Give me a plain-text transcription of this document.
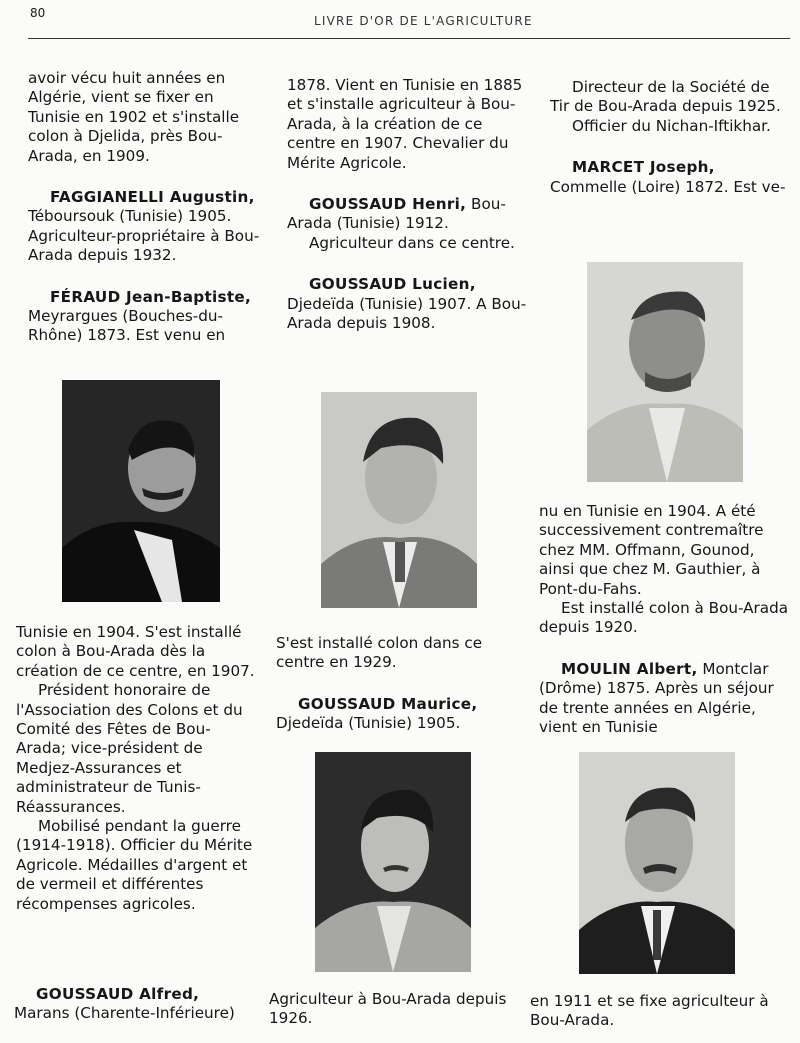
80
LIVRE D'OR DE L'AGRICULTURE

avoir vécu huit années en Algérie, vient se fixer en Tunisie en 1902 et s'installe colon à Djelida, près Bou-Arada, en 1909.

FAGGIANELLI Augustin, Téboursouk (Tunisie) 1905. Agriculteur-propriétaire à Bou-Arada depuis 1932.

FÉRAUD Jean-Baptiste, Meyrargues (Bouches-du-Rhône) 1873. Est venu en

Tunisie en 1904. S'est installé colon à Bou-Arada dès la création de ce centre, en 1907.

Président honoraire de l'Association des Colons et du Comité des Fêtes de Bou-Arada; vice-président de Medjez-Assurances et administrateur de Tunis-Réassurances.

Mobilisé pendant la guerre (1914-1918). Officier du Mérite Agricole. Médailles d'argent et de vermeil et différentes récompenses agricoles.

GOUSSAUD Alfred, Marans (Charente-Inférieure)

1878. Vient en Tunisie en 1885 et s'installe agriculteur à Bou-Arada, à la création de ce centre en 1907. Chevalier du Mérite Agricole.

GOUSSAUD Henri, Bou-Arada (Tunisie) 1912.

Agriculteur dans ce centre.

GOUSSAUD Lucien, Djedeïda (Tunisie) 1907. A Bou-Arada depuis 1908.

S'est installé colon dans ce centre en 1929.

GOUSSAUD Maurice, Djedeïda (Tunisie) 1905.

Agriculteur à Bou-Arada depuis 1926.

Directeur de la Société de Tir de Bou-Arada depuis 1925.

Officier du Nichan-Iftikhar.

MARCET Joseph, Commelle (Loire) 1872. Est ve-

nu en Tunisie en 1904. A été successivement contremaître chez MM. Offmann, Gounod, ainsi que chez M. Gauthier, à Pont-du-Fahs.

Est installé colon à Bou-Arada depuis 1920.

MOULIN Albert, Montclar (Drôme) 1875. Après un séjour de trente années en Algérie, vient en Tunisie

en 1911 et se fixe agriculteur à Bou-Arada.
